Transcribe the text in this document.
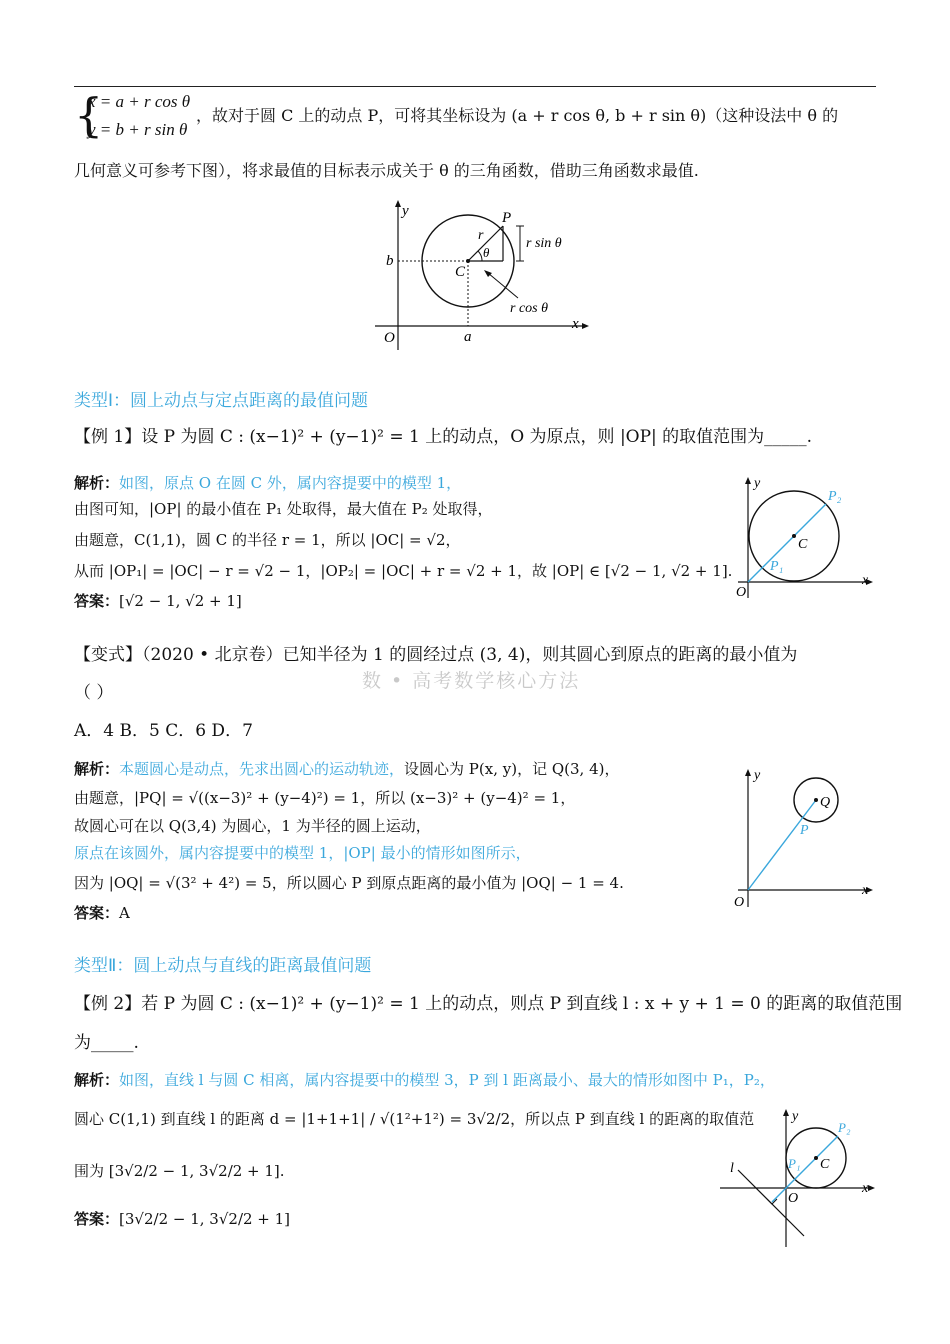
{
x = a + r cos θ
y = b + r sin θ
，故对于圆 C 上的动点 P，可将其坐标设为 (a + r cos θ, b + r sin θ)（这种设法中 θ 的
几何意义可参考下图），将求最值的目标表示成关于 θ 的三角函数，借助三角函数求最值.
y
x
O
b
a
C
P
r
θ
r sin θ
r cos θ
类型Ⅰ：圆上动点与定点距离的最值问题
【例 1】设 P 为圆 C : (x−1)² + (y−1)² = 1 上的动点，O 为原点，则 |OP| 的取值范围为_____.
解析：如图，原点 O 在圆 C 外，属内容提要中的模型 1，
由图可知，|OP| 的最小值在 P₁ 处取得，最大值在 P₂ 处取得，
由题意，C(1,1)，圆 C 的半径 r = 1，所以 |OC| = √2，
从而 |OP₁| = |OC| − r = √2 − 1，|OP₂| = |OC| + r = √2 + 1，故 |OP| ∈ [√2 − 1, √2 + 1].
答案：[√2 − 1, √2 + 1]
y
x
O
C
P₁
P₂
【变式】（2020 • 北京卷）已知半径为 1 的圆经过点 (3, 4)，则其圆心到原点的距离的最小值为
（ ）
数 • 高考数学核心方法
A．4 B．5 C．6 D．7
解析：本题圆心是动点，先求出圆心的运动轨迹，设圆心为 P(x, y)，记 Q(3, 4)，
由题意，|PQ| = √((x−3)² + (y−4)²) = 1，所以 (x−3)² + (y−4)² = 1，
故圆心可在以 Q(3,4) 为圆心，1 为半径的圆上运动，
原点在该圆外，属内容提要中的模型 1，|OP| 最小的情形如图所示，
因为 |OQ| = √(3² + 4²) = 5，所以圆心 P 到原点距离的最小值为 |OQ| − 1 = 4.
答案：A
y
x
O
Q
P
类型Ⅱ：圆上动点与直线的距离最值问题
【例 2】若 P 为圆 C : (x−1)² + (y−1)² = 1 上的动点，则点 P 到直线 l : x + y + 1 = 0 的距离的取值范围
为_____.
解析：如图，直线 l 与圆 C 相离，属内容提要中的模型 3，P 到 l 距离最小、最大的情形如图中 P₁，P₂，
圆心 C(1,1) 到直线 l 的距离 d = |1+1+1| / √(1²+1²) = 3√2/2，所以点 P 到直线 l 的距离的取值范
围为 [3√2/2 − 1, 3√2/2 + 1].
答案：[3√2/2 − 1, 3√2/2 + 1]
y
x
O
C
l	P₁
P₂
